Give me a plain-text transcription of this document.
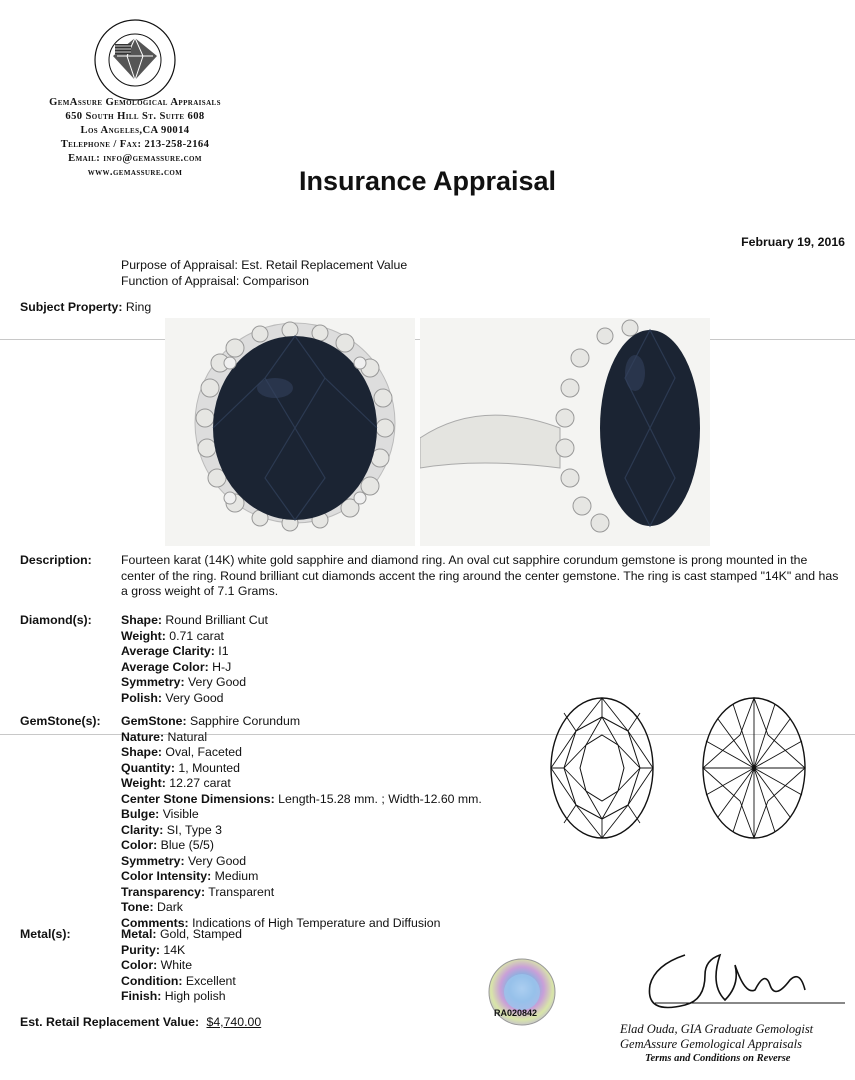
GemAssure Gemological Appraisals
650 South Hill St. Suite 608
Los Angeles,CA 90014
Telephone / Fax: 213-258-2164
Email: info@gemassure.com
www.gemassure.com	Insurance Appraisal
February 19, 2016
Purpose of Appraisal: Est. Retail Replacement Value
Function of Appraisal: Comparison
Subject Property: Ring
Description: Fourteen karat (14K) white gold sapphire and diamond ring. An oval cut sapphire corundum gemstone is prong mounted in the center of the ring. Round brilliant cut diamonds accent the ring around the center gemstone. The ring is cast stamped "14K" and has a gross weight of 7.1 Grams.
Diamond(s): Shape: Round Brilliant Cut
Weight: 0.71 carat
Average Clarity: I1
Average Color: H-J
Symmetry: Very Good
Polish: Very Good
GemStone(s): GemStone: Sapphire Corundum
Nature: Natural
Shape: Oval, Faceted
Quantity: 1, Mounted
Weight: 12.27 carat
Center Stone Dimensions: Length-15.28 mm. ; Width-12.60 mm.
Bulge: Visible
Clarity: SI, Type 3
Color: Blue (5/5)
Symmetry: Very Good
Color Intensity: Medium
Transparency: Transparent
Tone: Dark
Comments: Indications of High Temperature and Diffusion
Metal(s):	Metal: Gold, Stamped
Purity: 14K
Color: White
Condition: Excellent
Finish: High polish
Est. Retail Replacement Value: $4,740.00
RA020842
Elad Ouda, GIA Graduate Gemologist
GemAssure Gemological Appraisals
Terms and Conditions on Reverse
